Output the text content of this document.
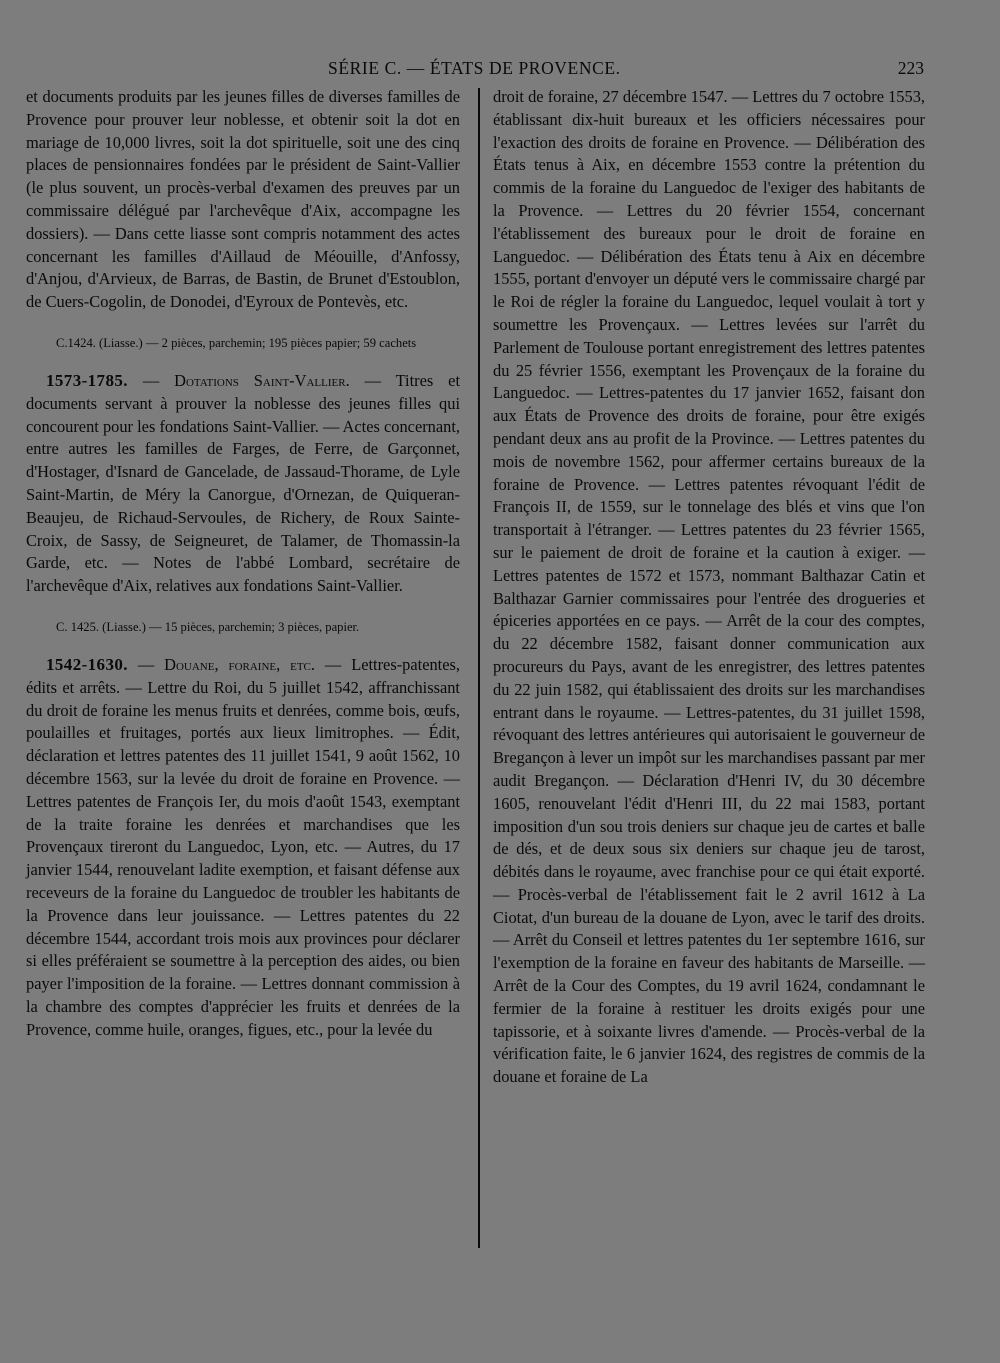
SÉRIE C. — ÉTATS DE PROVENCE.	223

et documents produits par les jeunes filles de diverses familles de Provence pour prouver leur noblesse, et obtenir soit la dot en mariage de 10,000 livres, soit la dot spirituelle, soit une des cinq places de pensionnaires fondées par le président de Saint-Vallier (le plus souvent, un procès-verbal d'examen des preuves par un commissaire délégué par l'archevêque d'Aix, accompagne les dossiers). — Dans cette liasse sont compris notamment des actes concernant les familles d'Aillaud de Méouille, d'Anfossy, d'Anjou, d'Arvieux, de Barras, de Bastin, de Brunet d'Estoublon, de Cuers-Cogolin, de Donodei, d'Eyroux de Pontevès, etc.

C.1424. (Liasse.) — 2 pièces, parchemin; 195 pièces papier; 59 cachets

1573-1785. — Dotations Saint-Vallier. — Titres et documents servant à prouver la noblesse des jeunes filles qui concourent pour les fondations Saint-Vallier. — Actes concernant, entre autres les familles de Farges, de Ferre, de Garçonnet, d'Hostager, d'Isnard de Gancelade, de Jassaud-Thorame, de Lyle Saint-Martin, de Méry la Canorgue, d'Ornezan, de Quiqueran-Beaujeu, de Richaud-Servoules, de Richery, de Roux Sainte-Croix, de Sassy, de Seigneuret, de Talamer, de Thomassin-la Garde, etc. — Notes de l'abbé Lombard, secrétaire de l'archevêque d'Aix, relatives aux fondations Saint-Vallier.

C. 1425. (Liasse.) — 15 pièces, parchemin; 3 pièces, papier.

1542-1630. — Douane, foraine, etc. — Lettres-patentes, édits et arrêts. — Lettre du Roi, du 5 juillet 1542, affranchissant du droit de foraine les menus fruits et denrées, comme bois, œufs, poulailles et fruitages, portés aux lieux limitrophes. — Édit, déclaration et lettres patentes des 11 juillet 1541, 9 août 1562, 10 décembre 1563, sur la levée du droit de foraine en Provence. — Lettres patentes de François Ier, du mois d'août 1543, exemptant de la traite foraine les denrées et marchandises que les Provençaux tireront du Languedoc, Lyon, etc. — Autres, du 17 janvier 1544, renouvelant ladite exemption, et faisant défense aux receveurs de la foraine du Languedoc de troubler les habitants de la Provence dans leur jouissance. — Lettres patentes du 22 décembre 1544, accordant trois mois aux provinces pour déclarer si elles préféraient se soumettre à la perception des aides, ou bien payer l'imposition de la foraine. — Lettres donnant commission à la chambre des comptes d'apprécier les fruits et denrées de la Provence, comme huile, oranges, figues, etc., pour la levée du

droit de foraine, 27 décembre 1547. — Lettres du 7 octobre 1553, établissant dix-huit bureaux et les officiers nécessaires pour l'exaction des droits de foraine en Provence. — Délibération des États tenus à Aix, en décembre 1553 contre la prétention du commis de la foraine du Languedoc de l'exiger des habitants de la Provence. — Lettres du 20 février 1554, concernant l'établissement des bureaux pour le droit de foraine en Languedoc. — Délibération des États tenu à Aix en décembre 1555, portant d'envoyer un député vers le commissaire chargé par le Roi de régler la foraine du Languedoc, lequel voulait à tort y soumettre les Provençaux. — Lettres levées sur l'arrêt du Parlement de Toulouse portant enregistrement des lettres patentes du 25 février 1556, exemptant les Provençaux de la foraine du Languedoc. — Lettres-patentes du 17 janvier 1652, faisant don aux États de Provence des droits de foraine, pour être exigés pendant deux ans au profit de la Province. — Lettres patentes du mois de novembre 1562, pour affermer certains bureaux de la foraine de Provence. — Lettres patentes révoquant l'édit de François II, de 1559, sur le tonnelage des blés et vins que l'on transportait à l'étranger. — Lettres patentes du 23 février 1565, sur le paiement de droit de foraine et la caution à exiger. — Lettres patentes de 1572 et 1573, nommant Balthazar Catin et Balthazar Garnier commissaires pour l'entrée des drogueries et épiceries apportées en ce pays. — Arrêt de la cour des comptes, du 22 décembre 1582, faisant donner communication aux procureurs du Pays, avant de les enregistrer, des lettres patentes du 22 juin 1582, qui établissaient des droits sur les marchandises entrant dans le royaume. — Lettres-patentes, du 31 juillet 1598, révoquant des lettres antérieures qui autorisaient le gouverneur de Bregançon à lever un impôt sur les marchandises passant par mer audit Bregançon. — Déclaration d'Henri IV, du 30 décembre 1605, renouvelant l'édit d'Henri III, du 22 mai 1583, portant imposition d'un sou trois deniers sur chaque jeu de cartes et balle de dés, et de deux sous six deniers sur chaque jeu de tarost, débités dans le royaume, avec franchise pour ce qui était exporté. — Procès-verbal de l'établissement fait le 2 avril 1612 à La Ciotat, d'un bureau de la douane de Lyon, avec le tarif des droits. — Arrêt du Conseil et lettres patentes du 1er septembre 1616, sur l'exemption de la foraine en faveur des habitants de Marseille. — Arrêt de la Cour des Comptes, du 19 avril 1624, condamnant le fermier de la foraine à restituer les droits exigés pour une tapissorie, et à soixante livres d'amende. — Procès-verbal de la vérification faite, le 6 janvier 1624, des registres de commis de la douane et foraine de La
